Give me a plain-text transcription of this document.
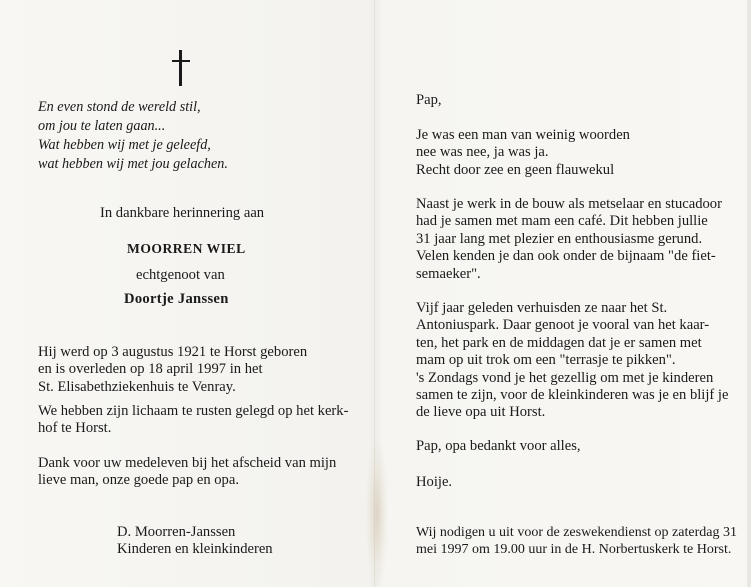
En even stond de wereld stil,
om jou te laten gaan...
Wat hebben wij met je geleefd,
wat hebben wij met jou gelachen.
In dankbare herinnering aan
MOORREN WIEL
echtgenoot van
Doortje Janssen
Hij werd op 3 augustus 1921 te Horst geboren
en is overleden op 18 april 1997 in het
St. Elisabethziekenhuis te Venray.
We hebben zijn lichaam te rusten gelegd op het kerk-
hof te Horst.
Dank voor uw medeleven bij het afscheid van mijn
lieve man, onze goede pap en opa.
D. Moorren-Janssen
Kinderen en kleinkinderen
Pap,
Je was een man van weinig woorden
nee was nee, ja was ja.
Recht door zee en geen flauwekul
Naast je werk in de bouw als metselaar en stucadoor
had je samen met mam een café. Dit hebben jullie
31 jaar lang met plezier en enthousiasme gerund.
Velen kenden je dan ook onder de bijnaam "de fiet-
semaeker".
Vijf jaar geleden verhuisden ze naar het St.
Antoniuspark. Daar genoot je vooral van het kaar-
ten, het park en de middagen dat je er samen met
mam op uit trok om een "terrasje te pikken".
's Zondags vond je het gezellig om met je kinderen
samen te zijn, voor de kleinkinderen was je en blijf je
de lieve opa uit Horst.
Pap, opa bedankt voor alles,
Hoije.
Wij nodigen u uit voor de zeswekendienst op zaterdag 31
mei 1997 om 19.00 uur in de H. Norbertuskerk te Horst.
